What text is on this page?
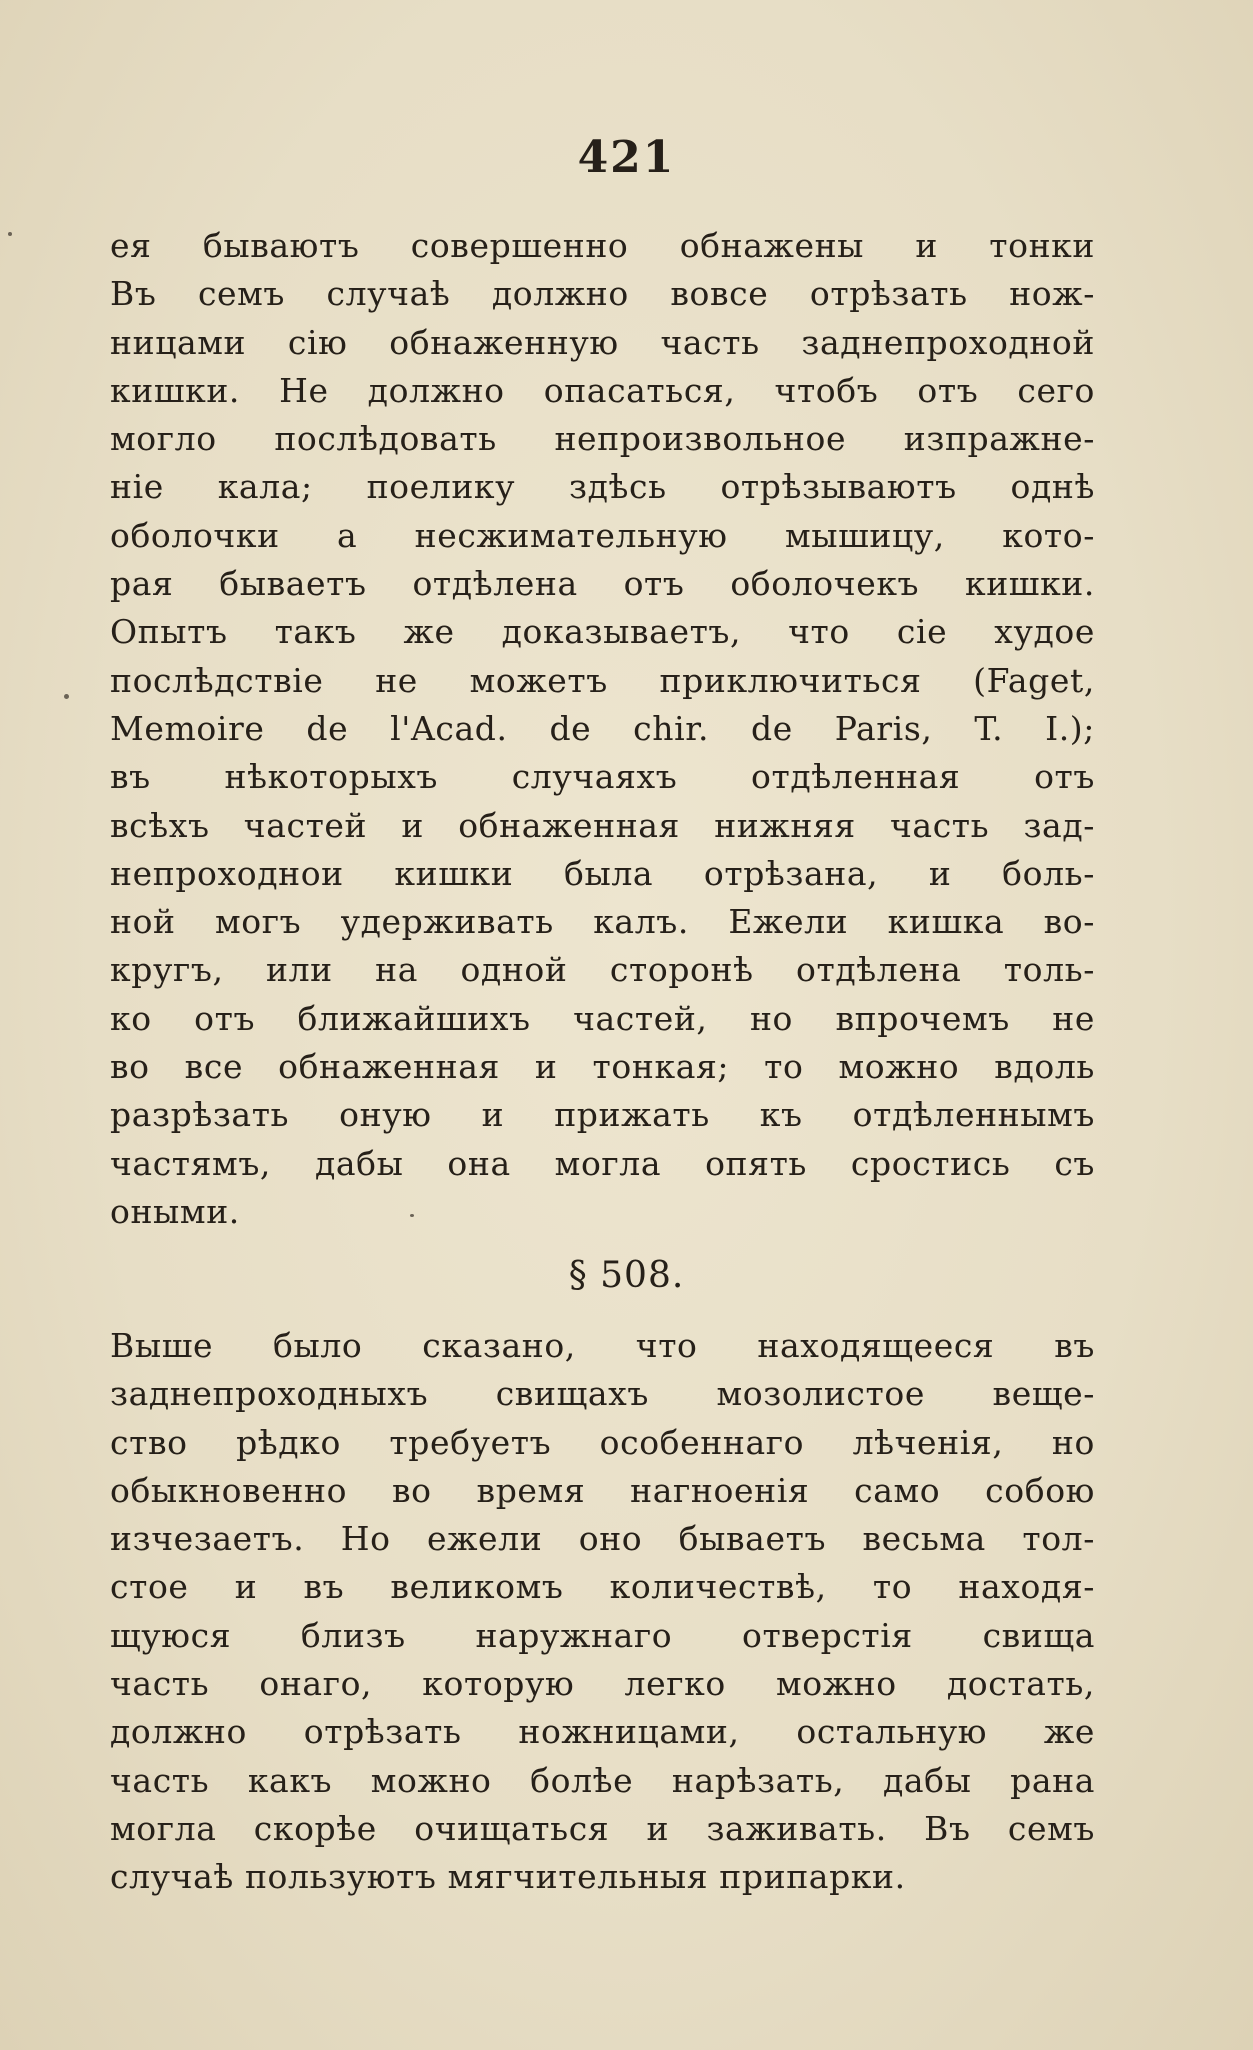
421
ея бываютъ совершенно обнажены и тонки
Въ семъ случаѣ должно вовсе отрѣзать нож-
ницами сію обнаженную часть заднепроходной
кишки. Не должно опасаться, чтобъ отъ сего
могло послѣдовать непроизвольное изпражне-
ніе кала; поелику здѣсь отрѣзываютъ однѣ
оболочки а несжимательную мышицу, кото-
рая бываетъ отдѣлена отъ оболочекъ кишки.
Опытъ такъ же доказываетъ, что сіе худое
послѣдствіе не можетъ приключиться (Faget,
Memoire de l'Acad. de chir. de Paris, T. I.);
въ нѣкоторыхъ случаяхъ отдѣленная отъ
всѣхъ частей и обнаженная нижняя часть зад-
непроходнои кишки была отрѣзана, и боль-
ной могъ удерживать калъ. Ежели кишка во-
кругъ, или на одной сторонѣ отдѣлена толь-
ко отъ ближайшихъ частей, но впрочемъ не
во все обнаженная и тонкая; то можно вдоль
разрѣзать оную и прижать къ отдѣленнымъ
частямъ, дабы она могла опять сростись съ
оными.
§ 508.
Выше было сказано, что находящееся въ
заднепроходныхъ свищахъ мозолистое веще-
ство рѣдко требуетъ особеннаго лѣченія, но
обыкновенно во время нагноенія само собою
изчезаетъ. Но ежели оно бываетъ весьма тол-
стое и въ великомъ количествѣ, то находя-
щуюся близъ наружнаго отверстія свища
часть онаго, которую легко можно достать,
должно отрѣзать ножницами, остальную же
часть какъ можно болѣе нарѣзать, дабы рана
могла скорѣе очищаться и заживать. Въ семъ
случаѣ пользуютъ мягчительныя припарки.
